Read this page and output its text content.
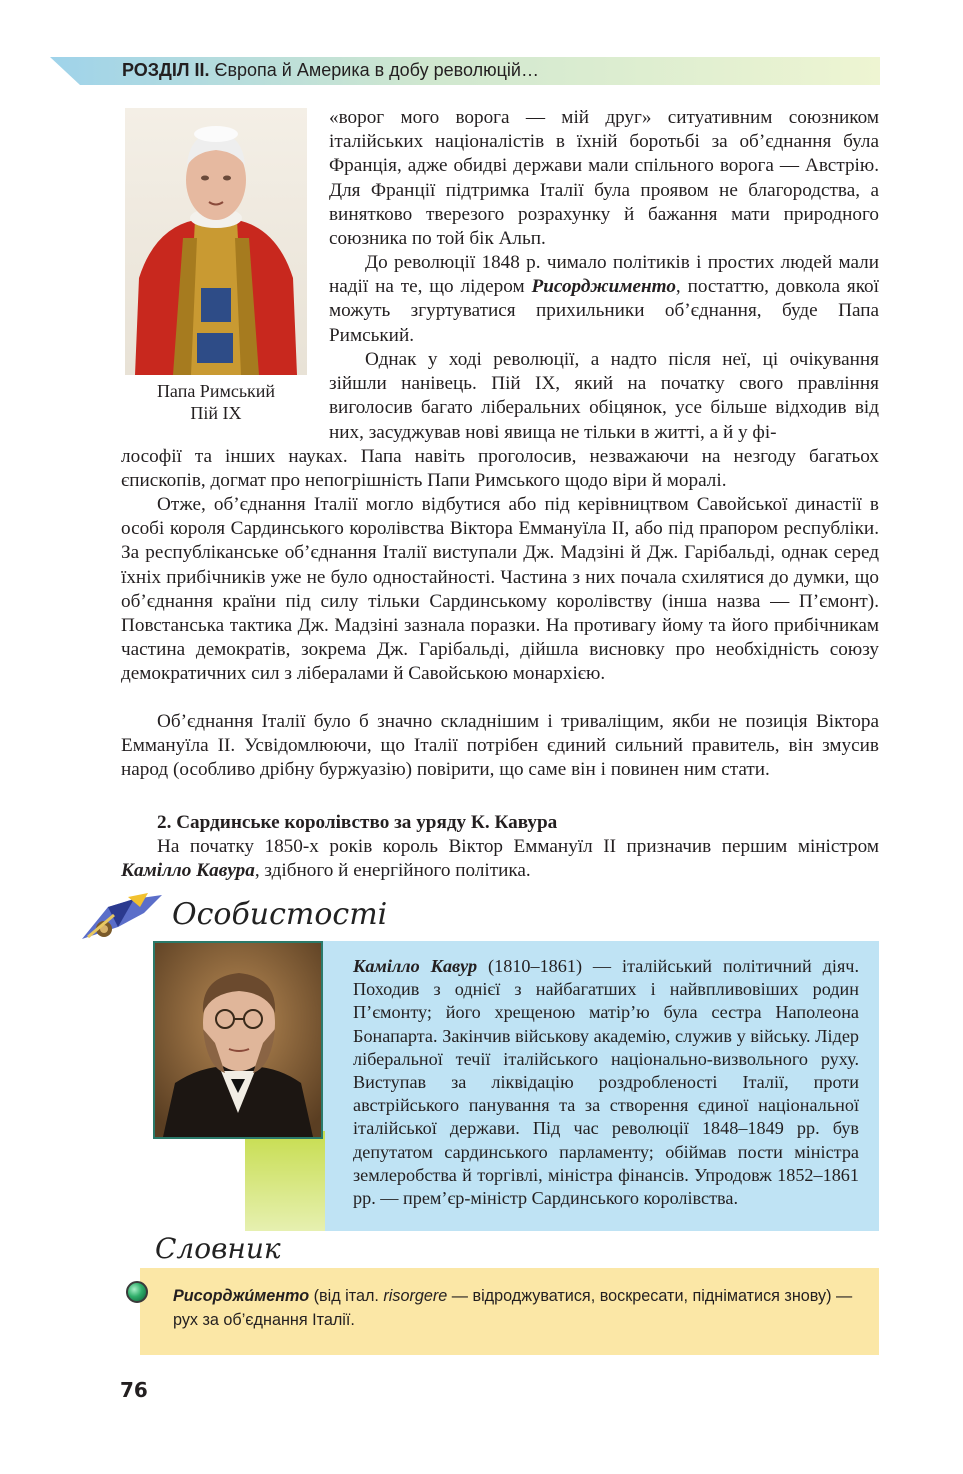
РОЗДІЛ ІІ. Європа й Америка в добу революцій…
Папа Римський
Пій ІХ
«ворог мого ворога — мій друг» ситуативним союзником італійських націоналістів в їхній боротьбі за об’єднання була Франція, адже обидві держави мали спільного ворога — Австрію. Для Франції підтримка Італії була проявом не благородства, а винятково тверезого розрахунку й бажання мати природного союзника по той бік Альп.
До революції 1848 р. чимало політиків і простих людей мали надії на те, що лідером Рисорджименто, постаттю, довкола якої можуть згуртуватися прихильники об’єднання, буде Папа Римський.
Однак у ході революції, а надто після неї, ці очікування зійшли нанівець. Пій ІХ, який на початку свого правління виголосив багато ліберальних обіцянок, усе більше відходив від них, засуджував нові явища не тільки в житті, а й у фі-
лософії та інших науках. Папа навіть проголосив, незважаючи на незгоду багатьох єпископів, догмат про непогрішність Папи Римського щодо віри й моралі.
Отже, об’єднання Італії могло відбутися або під керівництвом Савойської династії в особі короля Сардинського королівства Віктора Еммануїла ІІ, або під прапором республіки. За республіканське об’єднання Італії виступали Дж. Мадзіні й Дж. Гарібальді, однак серед їхніх прибічників уже не було одностайності. Частина з них почала схилятися до думки, що об’єднання країни під силу тільки Сардинському королівству (інша назва — П’ємонт). Повстанська тактика Дж. Мадзіні зазнала поразки. На противагу йому та його прибічникам частина демократів, зокрема Дж. Гарібальді, дійшла висновку про необхідність союзу демократичних сил з лібералами й Савойською монархією.
Об’єднання Італії було б значно складнішим і триваліщим, якби не позиція Віктора Еммануїла ІІ. Усвідомлюючи, що Італії потрібен єдиний сильний правитель, він змусив народ (особливо дрібну буржуазію) повірити, що саме він і повинен ним стати.
2. Сардинське королівство за уряду К. Кавура
На початку 1850-х років король Віктор Еммануїл ІІ призначив першим міністром Камілло Кавура, здібного й енергійного політика.
Особистості
Камілло Кавур (1810–1861) — італійський політичний діяч. Походив з однієї з найбагатших і найвпливовіших родин П’ємонту; його хрещеною матір’ю була сестра Наполеона Бонапарта. Закінчив військову академію, служив у війську. Лідер ліберальної течії італійського національно-визвольного руху. Виступав за ліквідацію роздробленості Італії, проти австрійського панування та за створення єдиної національної італійської держави. Під час революції 1848–1849 рр. був депутатом сардинського парламенту; обіймав пости міністра землеробства й торгівлі, міністра фінансів. Упродовж 1852–1861 рр. — прем’єр-міністр Сардинського королівства.
Словник
Рисорджи́менто (від італ. risorgere — відроджуватися, воскресати, підніматися знову) — рух за об’єднання Італії.
76
